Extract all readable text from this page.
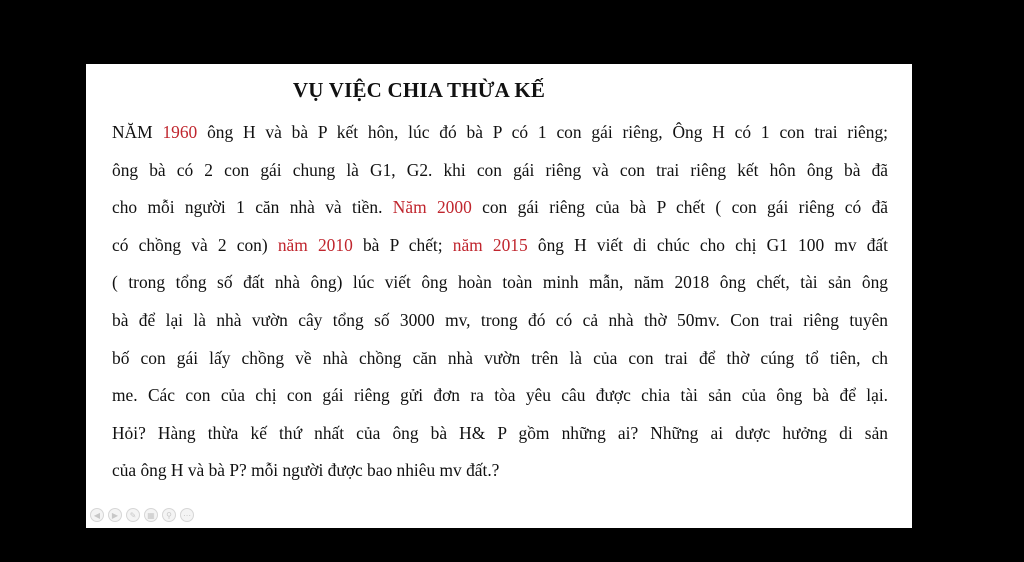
VỤ VIỆC CHIA THỪA KẾ
NĂM 1960 ông H và bà P kết hôn, lúc đó bà P có 1 con gái riêng, Ông H có 1 con trai riêng;
ông bà có 2 con gái chung là G1, G2. khi con gái riêng và con trai riêng kết hôn ông bà đã
cho mỗi người 1 căn nhà và tiền. Năm 2000 con gái riêng của bà P chết ( con gái riêng có đã
có chồng và 2 con) năm 2010 bà P chết; năm 2015 ông H viết di chúc cho chị G1 100 mv đất
( trong tổng số đất nhà ông) lúc viết ông hoàn toàn minh mẫn, năm 2018 ông chết, tài sản ông
bà để lại là nhà vườn cây tổng số 3000 mv, trong đó có cả nhà thờ 50mv. Con trai riêng tuyên
bố con gái lấy chồng về nhà chồng căn nhà vườn trên là của con trai để thờ cúng tổ tiên, ch
me. Các con của chị con gái riêng gửi đơn ra tòa yêu câu được chia tài sản của ông bà để lại.
Hỏi? Hàng thừa kế thứ nhất của ông bà H& P gồm những ai? Những ai dược hưởng di sản
của ông H và bà P? mỗi người được bao nhiêu mv đất.?
◀	▶	✎	▦	⚲	⋯
